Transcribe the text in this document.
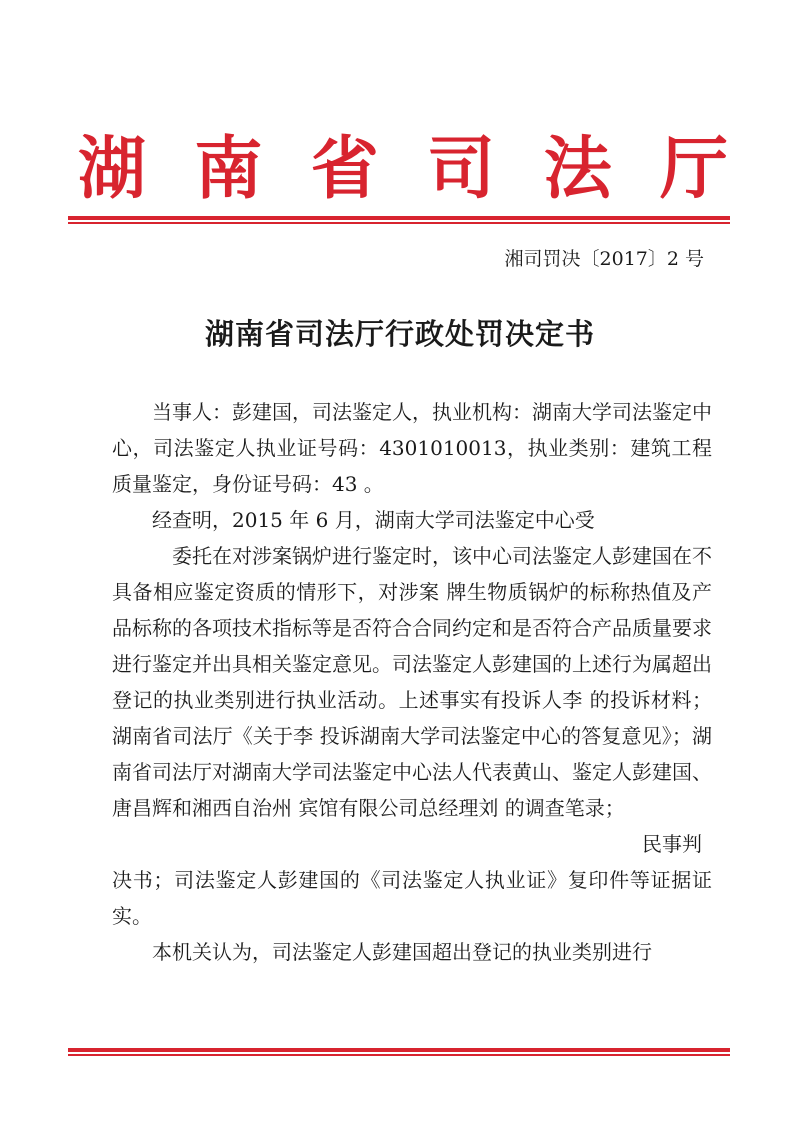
湖 南 省 司 法 厅

湘司罚决〔2017〕2 号

湖南省司法厅行政处罚决定书

当事人：彭建国，司法鉴定人，执业机构：湖南大学司法鉴定中心，司法鉴定人执业证号码：4301010013，执业类别：建筑工程质量鉴定，身份证号码：43 。

经查明，2015 年 6 月，湖南大学司法鉴定中心受

委托在对涉案锅炉进行鉴定时，该中心司法鉴定人彭建国在不具备相应鉴定资质的情形下，对涉案 牌生物质锅炉的标称热值及产品标称的各项技术指标等是否符合合同约定和是否符合产品质量要求进行鉴定并出具相关鉴定意见。司法鉴定人彭建国的上述行为属超出登记的执业类别进行执业活动。上述事实有投诉人李 的投诉材料；湖南省司法厅《关于李 投诉湖南大学司法鉴定中心的答复意见》；湖南省司法厅对湖南大学司法鉴定中心法人代表黄山、鉴定人彭建国、唐昌辉和湘西自治州 宾馆有限公司总经理刘 的调查笔录；

民事判

决书；司法鉴定人彭建国的《司法鉴定人执业证》复印件等证据证实。

本机关认为，司法鉴定人彭建国超出登记的执业类别进行
